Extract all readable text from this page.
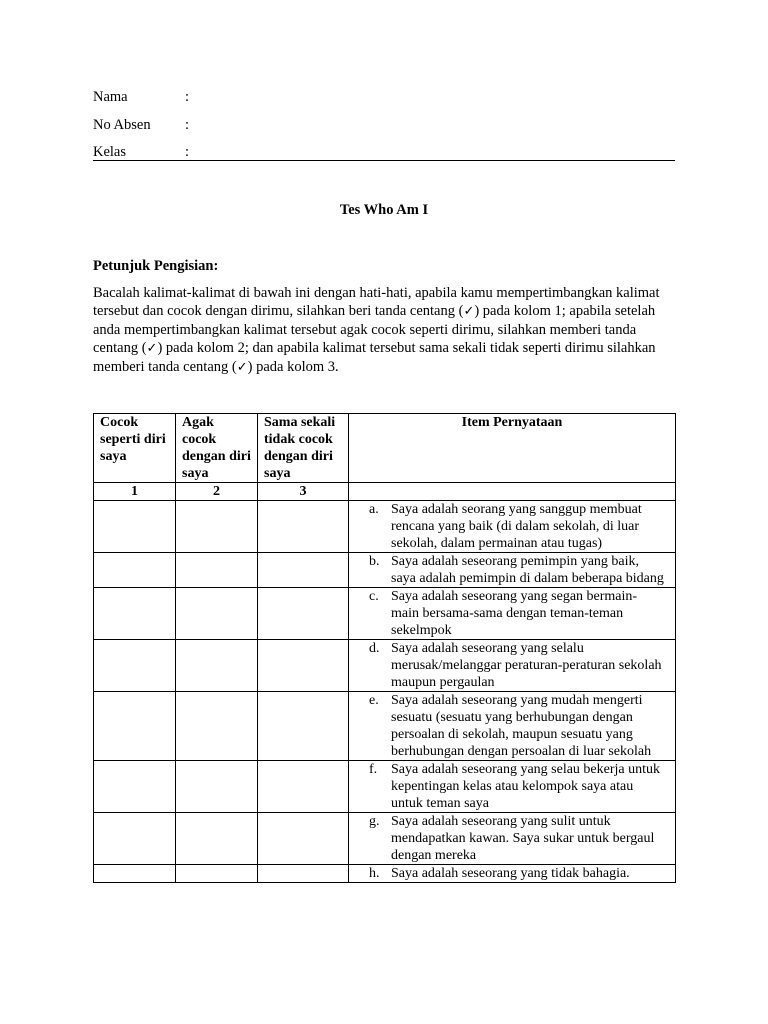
Nama	:
No Absen :
Kelas	:
Tes Who Am I
Petunjuk Pengisian:
Bacalah kalimat-kalimat di bawah ini dengan hati-hati, apabila kamu mempertimbangkan kalimat tersebut dan cocok dengan dirimu, silahkan beri tanda centang (✓) pada kolom 1; apabila setelah anda mempertimbangkan kalimat tersebut agak cocok seperti dirimu, silahkan memberi tanda centang (✓) pada kolom 2; dan apabila kalimat tersebut sama sekali tidak seperti dirimu silahkan memberi tanda centang (✓) pada kolom 3.
Cocok seperti diri saya	Agak cocok dengan diri saya	Sama sekali tidak cocok dengan diri saya	Item Pernyataan
1	2	3	

			a. Saya adalah seorang yang sanggup membuat rencana yang baik (di dalam sekolah, di luar sekolah, dalam permainan atau tugas)

			b. Saya adalah seseorang pemimpin yang baik, saya adalah pemimpin di dalam beberapa bidang

			c. Saya adalah seseorang yang segan bermain-main bersama-sama dengan teman-teman sekelmpok

			d. Saya adalah seseorang yang selalu merusak/melanggar peraturan-peraturan sekolah maupun pergaulan

			e. Saya adalah seseorang yang mudah mengerti sesuatu (sesuatu yang berhubungan dengan persoalan di sekolah, maupun sesuatu yang berhubungan dengan persoalan di luar sekolah

			f. Saya adalah seseorang yang selau bekerja untuk kepentingan kelas atau kelompok saya atau untuk teman saya

			g. Saya adalah seseorang yang sulit untuk mendapatkan kawan. Saya sukar untuk bergaul dengan mereka

			h. Saya adalah seseorang yang tidak bahagia.
